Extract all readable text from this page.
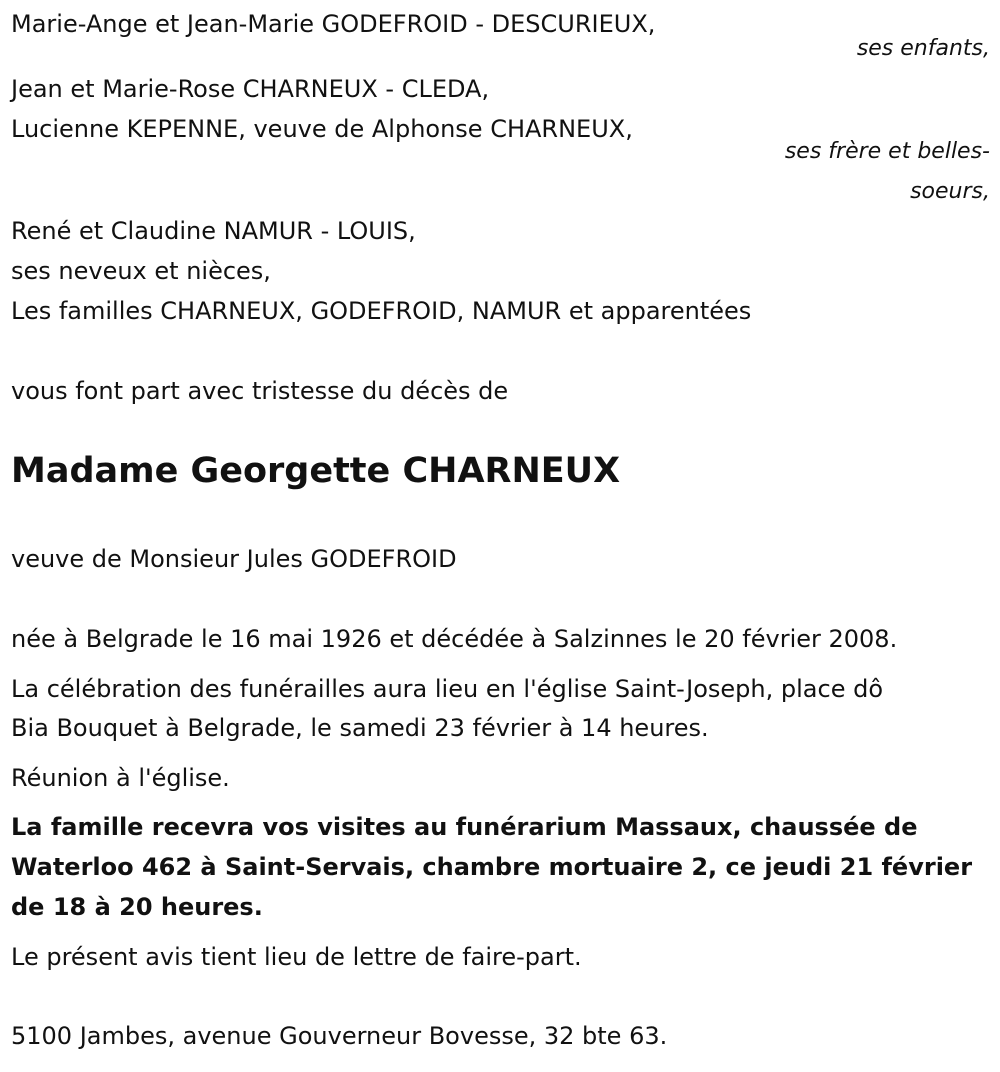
Marie-Ange et Jean-Marie GODEFROID - DESCURIEUX,
ses enfants,
Jean et Marie-Rose CHARNEUX - CLEDA,
Lucienne KEPENNE, veuve de Alphonse CHARNEUX,
ses frère et belles-
soeurs,
René et Claudine NAMUR - LOUIS,
ses neveux et nièces,
Les familles CHARNEUX, GODEFROID, NAMUR et apparentées
vous font part avec tristesse du décès de
Madame Georgette CHARNEUX
veuve de Monsieur Jules GODEFROID
née à Belgrade le 16 mai 1926 et décédée à Salzinnes le 20 février 2008.
La célébration des funérailles aura lieu en l'église Saint-Joseph, place dô
Bia Bouquet à Belgrade, le samedi 23 février à 14 heures.
Réunion à l'église.
La famille recevra vos visites au funérarium Massaux, chaussée de
Waterloo 462 à Saint-Servais, chambre mortuaire 2, ce jeudi 21 février
de 18 à 20 heures.
Le présent avis tient lieu de lettre de faire-part.
5100 Jambes, avenue Gouverneur Bovesse, 32 bte 63.
